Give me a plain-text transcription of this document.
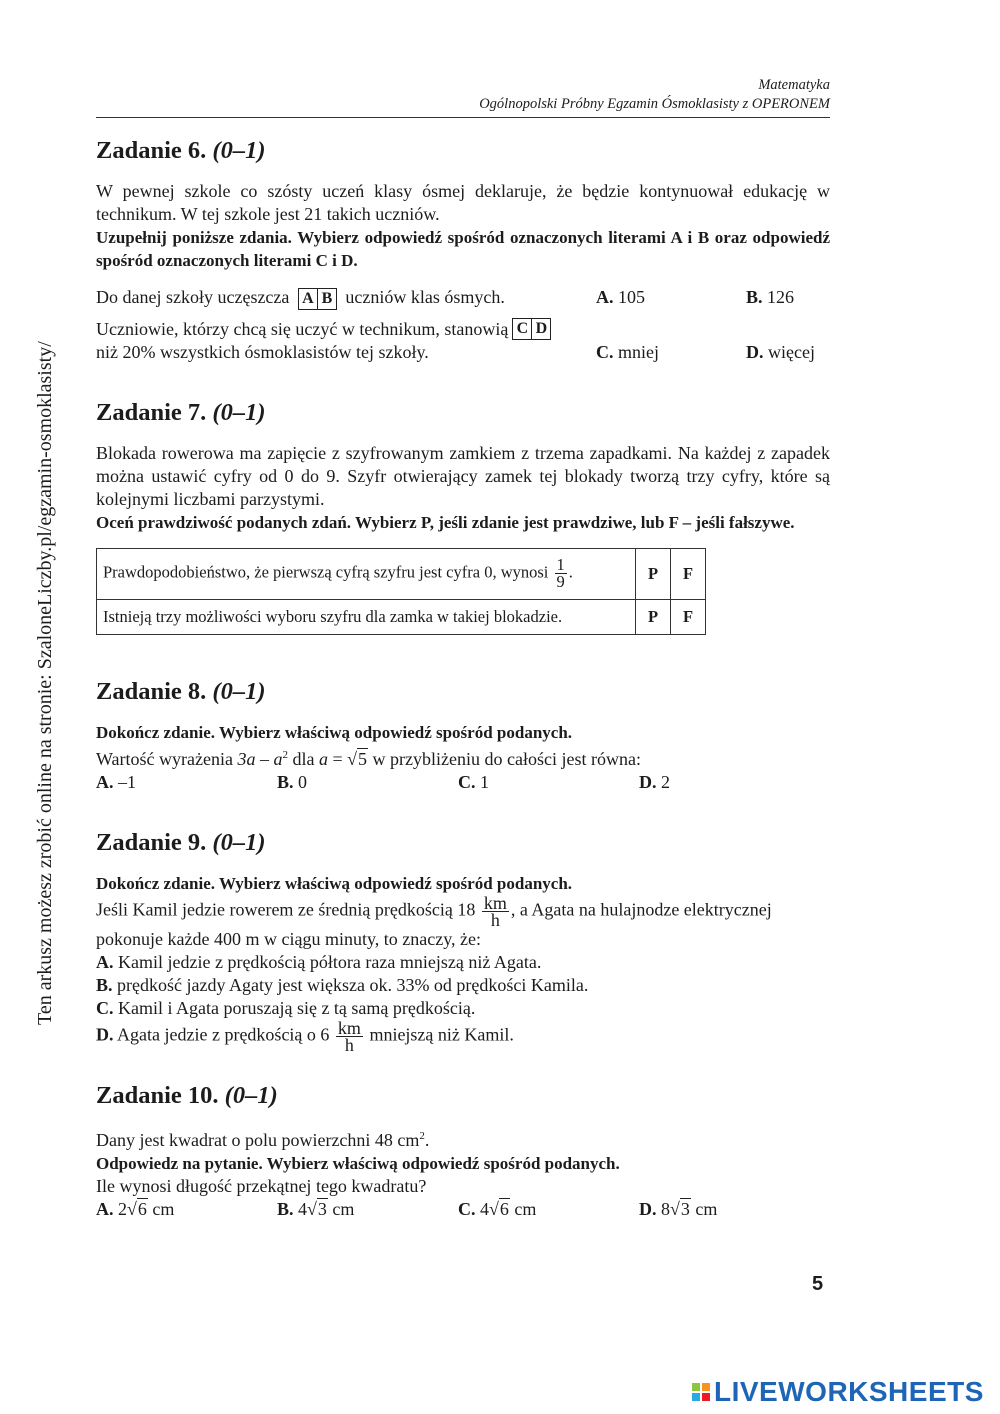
Matematyka
Ogólnopolski Próbny Egzamin Ósmoklasisty z OPERONEM
Ten arkusz możesz zrobić online na stronie: SzaloneLiczby.pl/egzamin-osmoklasisty/
Zadanie 6. (0–1)

W pewnej szkole co szósty uczeń klasy ósmej deklaruje, że będzie kontynuował edukację w technikum. W tej szkole jest 21 takich uczniów.

Uzupełnij poniższe zdania. Wybierz odpowiedź spośród oznaczonych literami A i B oraz odpowiedź spośród oznaczonych literami C i D.

Do danej szkoły uczęszcza A B uczniów klas ósmych.	A. 105	B. 126
Uczniowie, którzy chcą się uczyć w technikum, stanowią C D
niż 20% wszystkich ósmoklasistów tej szkoły.	C. mniej	D. więcej
Zadanie 7. (0–1)

Blokada rowerowa ma zapięcie z szyfrowanym zamkiem z trzema zapadkami. Na każdej z zapadek można ustawić cyfry od 0 do 9. Szyfr otwierający zamek tej blokady tworzą trzy cyfry, które są kolejnymi liczbami parzystymi.

Oceń prawdziwość podanych zdań. Wybierz P, jeśli zdanie jest prawdziwe, lub F – jeśli fałszywe.

Prawdopodobieństwo, że pierwszą cyfrą szyfru jest cyfra 0, wynosi $\frac{1}{9}$ .	P	F
Istnieją trzy możliwości wyboru szyfru dla zamka w takiej blokadzie.	P	F
Zadanie 8. (0–1)

Dokończ zdanie. Wybierz właściwą odpowiedź spośród podanych.

Wartość wyrażenia $3a - a^2$ dla a = √5 w przybliżeniu do całości jest równa:

A. –1	B. 0	C. 1	D. 2
Zadanie 9. (0–1)

Dokończ zdanie. Wybierz właściwą odpowiedź spośród podanych.

Jeśli Kamil jedzie rowerem ze średnią prędkością $18 \frac{km}{h}$ , a Agata na hulajnodze elektrycznej

pokonuje każde 400 m w ciągu minuty, to znaczy, że:

A. Kamil jedzie z prędkością półtora raza mniejszą niż Agata.

B. prędkość jazdy Agaty jest większa ok. 33% od prędkości Kamila.

C. Kamil i Agata poruszają się z tą samą prędkością.

D. Agata jedzie z prędkością o $6 \frac{km}{h}$ mniejszą niż Kamil.

Zadanie 10. (0–1)

Dany jest kwadrat o polu powierzchni 48 $cm^2$.

Odpowiedz na pytanie. Wybierz właściwą odpowiedź spośród podanych.

Ile wynosi długość przekątnej tego kwadratu?

A. 2√6 cm	B. 4√3 cm	C. 4√6 cm	D. 8√3 cm
5
LIVEWORKSHEETS
